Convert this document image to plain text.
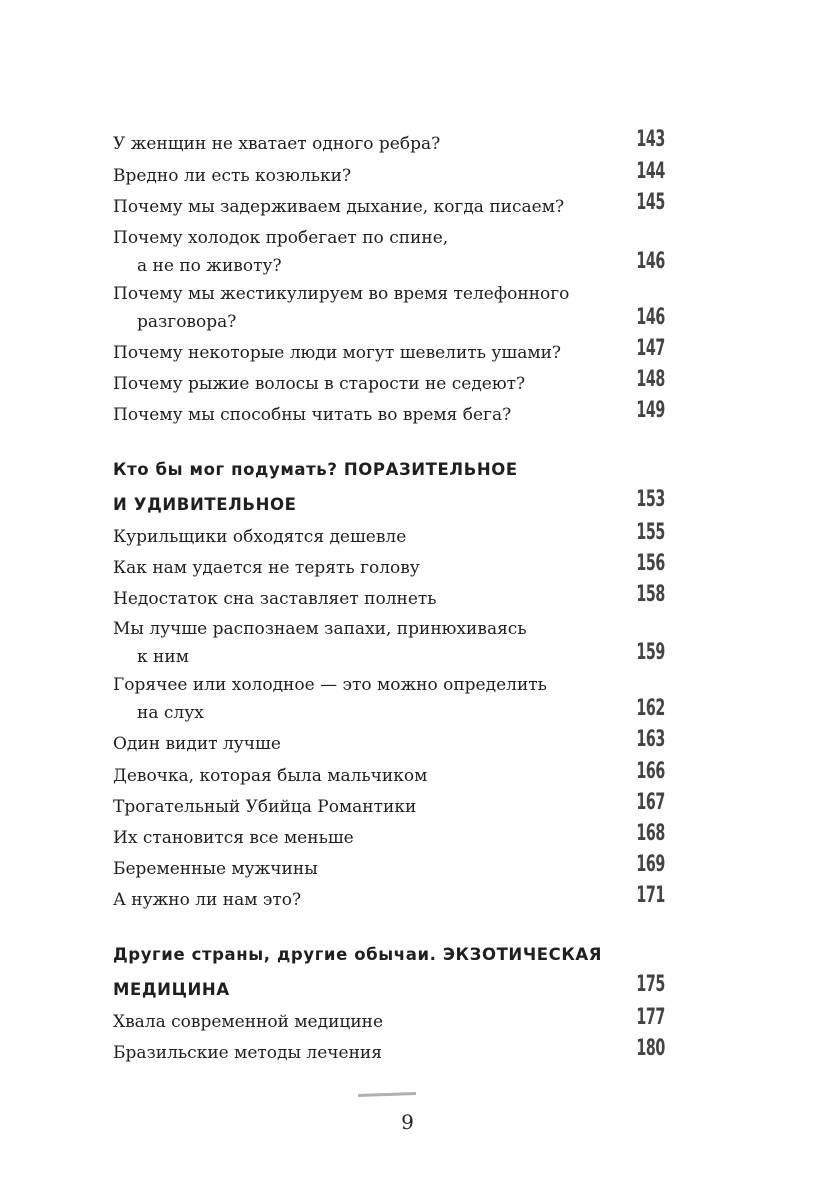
У женщин не хватает одного ребра?	143
Вредно ли есть козюльки?	144
Почему мы задерживаем дыхание, когда писаем?	145
Почему холодок пробегает по спине,
а не по животу?	146
Почему мы жестикулируем во время телефонного
разговора?	146
Почему некоторые люди могут шевелить ушами?	147
Почему рыжие волосы в старости не седеют?	148
Почему мы способны читать во время бега?	149
Кто бы мог подумать? ПОРАЗИТЕЛЬНОЕ
И УДИВИТЕЛЬНОЕ	153
Курильщики обходятся дешевле	155
Как нам удается не терять голову	156
Недостаток сна заставляет полнеть	158
Мы лучше распознаем запахи, принюхиваясь
к ним	159
Горячее или холодное — это можно определить
на слух	162
Один видит лучше	163
Девочка, которая была мальчиком	166
Трогательный Убийца Романтики	167
Их становится все меньше	168
Беременные мужчины	169
А нужно ли нам это?	171
Другие страны, другие обычаи. ЭКЗОТИЧЕСКАЯ
МЕДИЦИНА	175
Хвала современной медицине	177
Бразильские методы лечения	180
9
